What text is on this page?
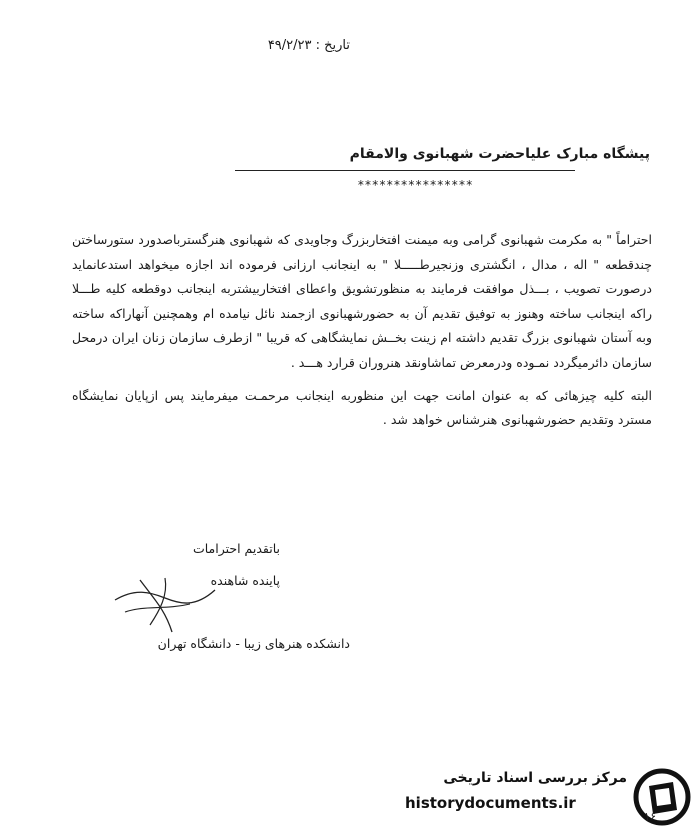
تاریخ : ۴۹/۲/۲۳
پیشگاه مبارک علیاحضرت شهبانوی والامقام
****************

احتراماً " به مکرمت شهبانوی گرامی وبه میمنت افتخاربزرگ وجاویدی که شهبانوی هنرگسترباصدورد ستورساختن چندقطعه " اله ، مدال ، انگشتری وزنجیرطـــــلا " به اینجانب ارزانی فرموده اند اجازه میخواهد استدعانماید درصورت تصویب ، بـــذل موافقت فرمایند به منظورتشویق واعطای افتخاربیشتربه اینجانب دوقطعه کلیه طـــلا راکه اینجانب ساخته وهنوز به توفیق تقدیم آن به حضورشهبانوی ازجمند نائل نیامده ام وهمچنین آنهاراکه ساخته وبه آستان شهبانوی بزرگ تقدیم داشته ام زینت بخــش نمایشگاهی که قریبا " ازطرف سازمان زنان ایران درمحل سازمان دائرمیگردد نمـوده ودرمعرض تماشاونقد هنروران قرارد هـــد .

البته کلیه چیزهائی که به عنوان امانت جهت این منظوربه اینجانب مرحمـت میفرمایند پس ازپایان نمایشگاه مسترد وتقدیم حضورشهبانوی هنرشناس خواهد شد .

باتقدیم احترامات
پاینده شاهنده
دانشکده هنرهای زیبا - دانشگاه تهران
مرکز بررسی اسناد تاریخی
historydocuments.ir
۱۶
